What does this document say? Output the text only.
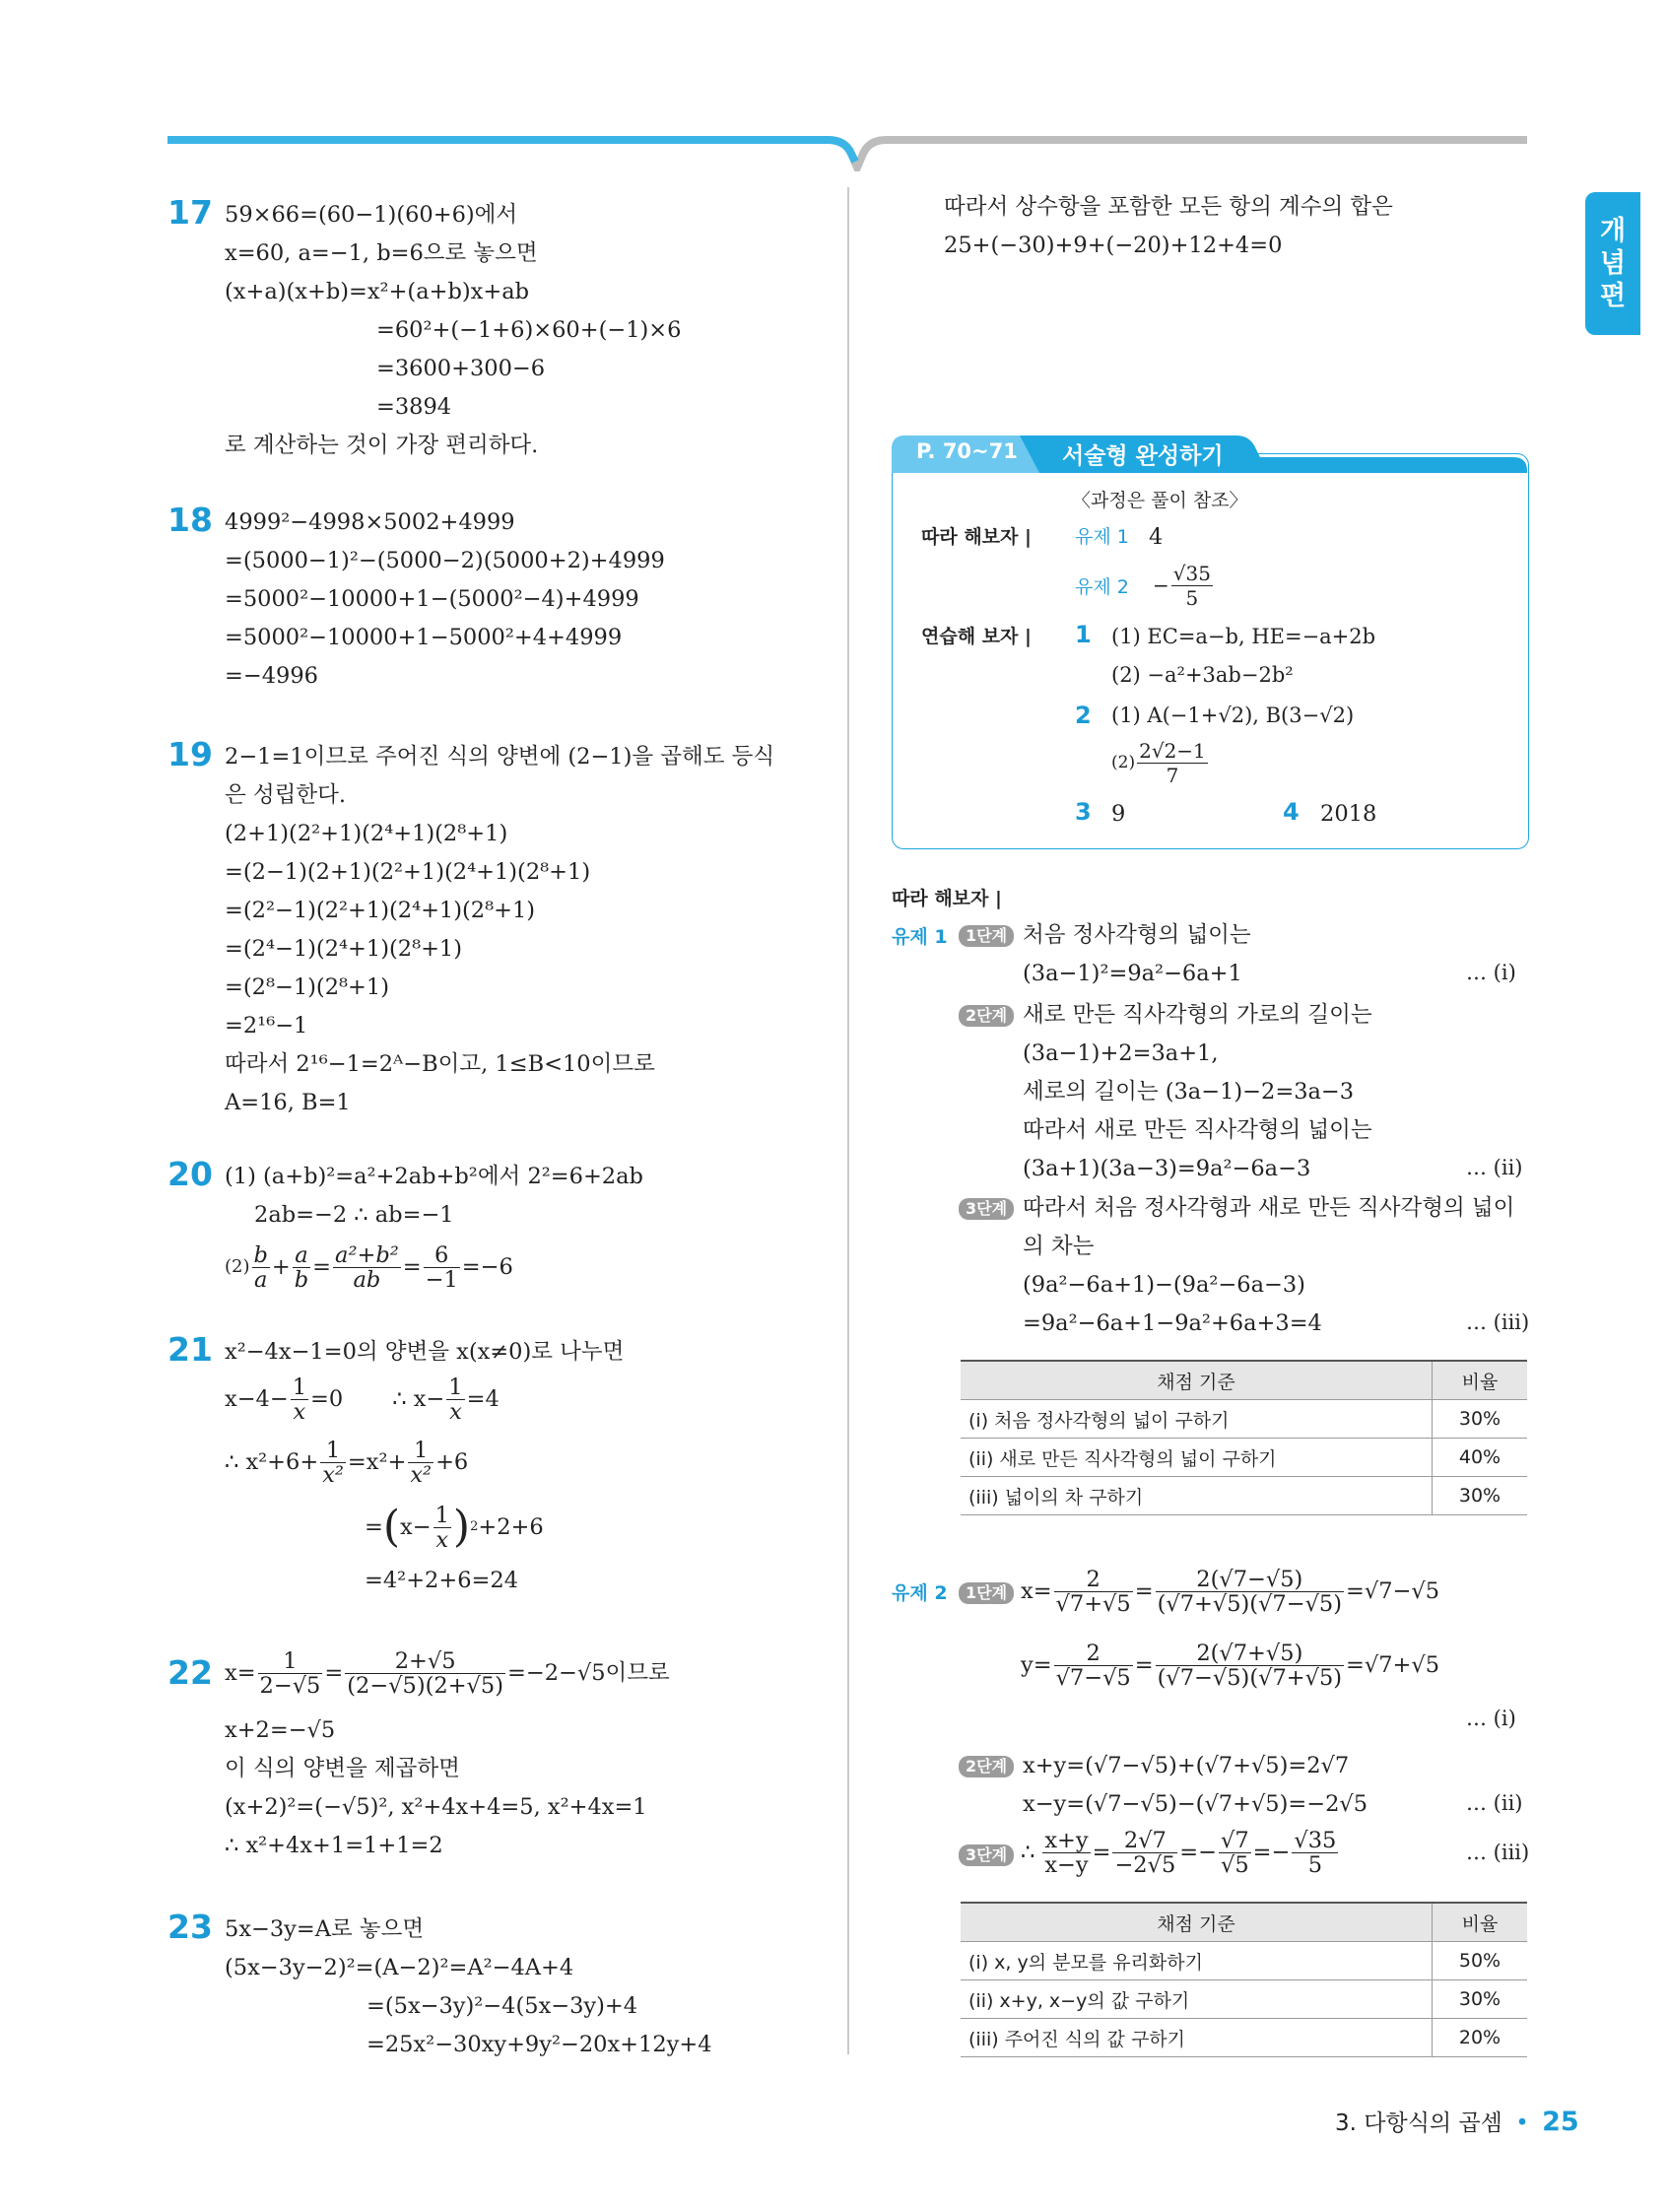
개
념
편
17 59×66=(60−1)(60+6)에서
x=60, a=−1, b=6으로 놓으면
(x+a)(x+b)=x²+(a+b)x+ab
=60²+(−1+6)×60+(−1)×6
=3600+300−6
=3894
로 계산하는 것이 가장 편리하다.
18 4999²−4998×5002+4999
=(5000−1)²−(5000−2)(5000+2)+4999
=5000²−10000+1−(5000²−4)+4999
=5000²−10000+1−5000²+4+4999
=−4996
19 2−1=1이므로 주어진 식의 양변에 (2−1)을 곱해도 등식
은 성립한다.
(2+1)(2²+1)(2⁴+1)(2⁸+1)
=(2−1)(2+1)(2²+1)(2⁴+1)(2⁸+1)
=(2²−1)(2²+1)(2⁴+1)(2⁸+1)
=(2⁴−1)(2⁴+1)(2⁸+1)
=(2⁸−1)(2⁸+1)
=2¹⁶−1
따라서 2¹⁶−1=2ᴬ−B이고, 1≤B<10이므로
A=16, B=1
20 (1) (a+b)²=a²+2ab+b²에서 2²=6+2ab
2ab=−2 ∴ ab=−1
$(2) \frac{b}{a} + \frac{a}{b} = \frac{\text{a²+b²}}{ab} = \frac{6}{-1} =-6$
21 x²−4x−1=0의 양변을 x(x≠0)로 나누면
$x-4- \frac{1}{x} =0$       ∴ $x- \frac{1}{x} =4$
∴ $x^2+6+ \frac{1}{\text{x²}} =x^2+ \frac{1}{\text{x²}} +6$
= ( $x- \frac{1}{x}$ ) 2 +2+6
=4²+2+6=24
22 $x= \frac{1}{2-√5} = \frac{2+√5}{(2-√5)(2+√5)} =-2-√5$이므로
x+2=−√5
이 식의 양변을 제곱하면
(x+2)²=(−√5)², x²+4x+4=5, x²+4x=1
∴ x²+4x+1=1+1=2
23 5x−3y=A로 놓으면
(5x−3y−2)²=(A−2)²=A²−4A+4
=(5x−3y)²−4(5x−3y)+4
=25x²−30xy+9y²−20x+12y+4
따라서 상수항을 포함한 모든 항의 계수의 합은
25+(−30)+9+(−20)+12+4=0
P. 70~71 서술형 완성하기
〈과정은 풀이 참조〉
따라 해보자 | 유제 1 4
유제 $2 - \frac{√35}{5}$
연습해 보자 | 1 (1) EC=a−b, HE=−a+2b
(2) −a²+3ab−2b²
2 (1) A(−1+√2), B(3−√2)
$(2) \frac{2√2-1}{7}$
3 9	4 2018
따라 해보자 |
유제 1	1단계 처음 정사각형의 넓이는
(3a−1)²=9a²−6a+1	… (i)
2단계 새로 만든 직사각형의 가로의 길이는
(3a−1)+2=3a+1,
세로의 길이는 (3a−1)−2=3a−3
따라서 새로 만든 직사각형의 넓이는
(3a+1)(3a−3)=9a²−6a−3	… (ii)
3단계 따라서 처음 정사각형과 새로 만든 직사각형의 넓이
의 차는
(9a²−6a+1)−(9a²−6a−3)
=9a²−6a+1−9a²+6a+3=4	… (iii)
채점 기준	비율
(i) 처음 정사각형의 넓이 구하기	30%
(ii) 새로 만든 직사각형의 넓이 구하기	40%
(iii) 넓이의 차 구하기	30%
유제 2	1단계 $x= \frac{2}{√7+√5} = \frac{2(√7-√5)}{(√7+√5)(√7-√5)} =√7-√5$
$y= \frac{2}{√7-√5} = \frac{2(√7+√5)}{(√7-√5)(√7+√5)} =√7+√5$
… (i)
2단계 x+y=(√7−√5)+(√7+√5)=2√7
x−y=(√7−√5)−(√7+√5)=−2√5	… (ii)
3단계 ∴ $\frac{x+y}{x-y} = \frac{2√7}{-2√5} =- \frac{√7}{√5} =- \frac{√35}{5}$	… (iii)
채점 기준	비율
(i) x, y의 분모를 유리화하기	50%
(ii) x+y, x−y의 값 구하기	30%
(iii) 주어진 식의 값 구하기	20%
3. 다항식의 곱셈 • 25
